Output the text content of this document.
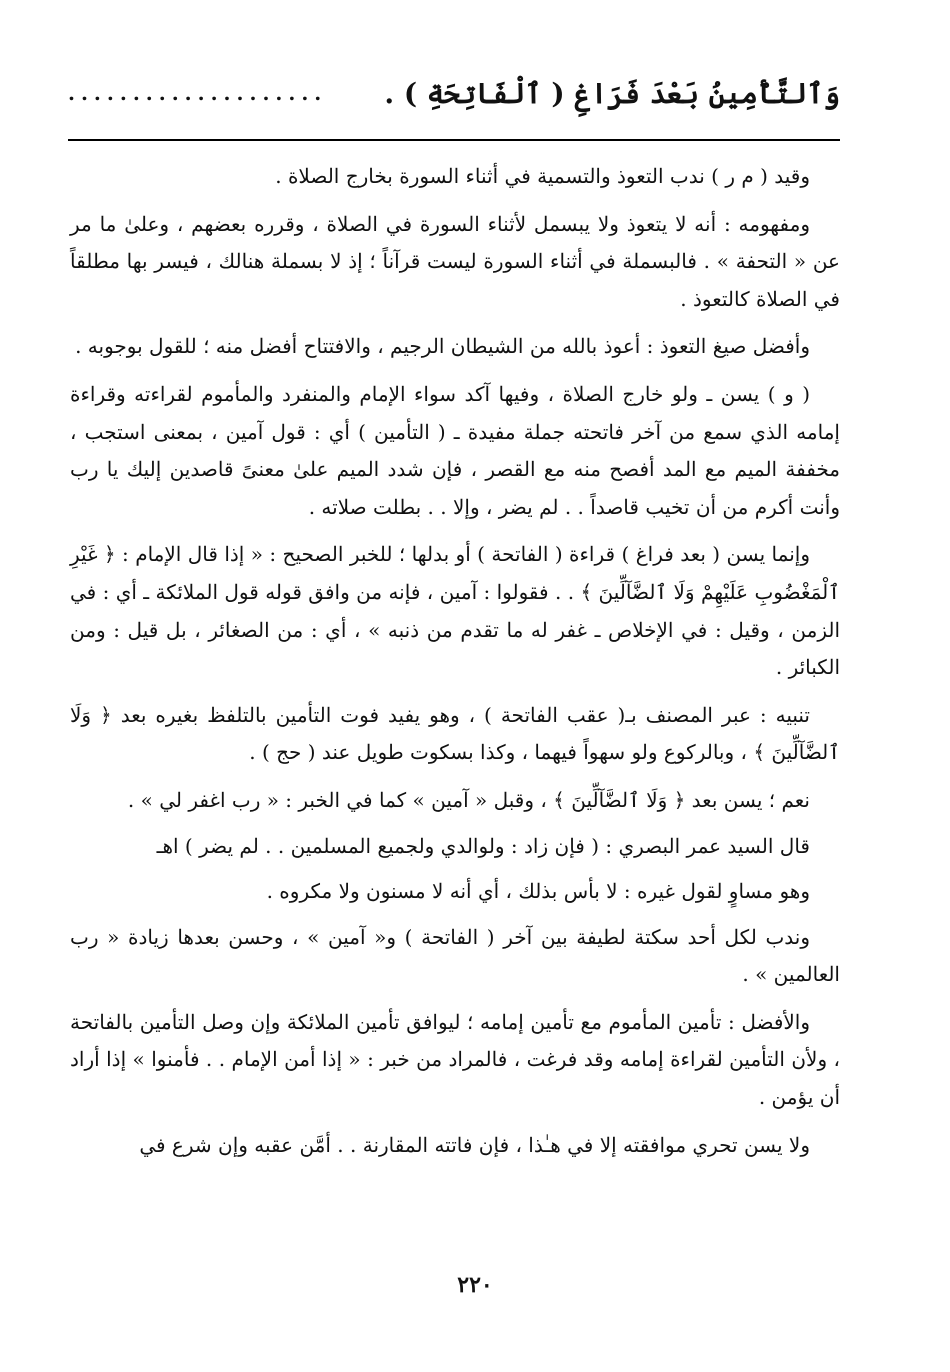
وَٱلتَّأْمِينُ بَعْدَ فَرَاغِ ( ٱلْفَاتِحَةِ ) .
....................

وقيد ( م ر ) ندب التعوذ والتسمية في أثناء السورة بخارج الصلاة .

ومفهومه : أنه لا يتعوذ ولا يبسمل لأثناء السورة في الصلاة ، وقرره بعضهم ، وعلىٰ ما مر عن « التحفة » . فالبسملة في أثناء السورة ليست قرآناً ؛ إذ لا بسملة هنالك ، فيسر بها مطلقاً في الصلاة كالتعوذ .

وأفضل صيغ التعوذ : أعوذ بالله من الشيطان الرجيم ، والافتتاح أفضل منه ؛ للقول بوجوبه .

( و ) يسن ـ ولو خارج الصلاة ، وفيها آكد سواء الإمام والمنفرد والمأموم لقراءته وقراءة إمامه الذي سمع من آخر فاتحته جملة مفيدة ـ ( التأمين ) أي : قول آمين ، بمعنى استجب ، مخففة الميم مع المد أفصح منه مع القصر ، فإن شدد الميم علىٰ معنىً قاصدين إليك يا رب وأنت أكرم من أن تخيب قاصداً . . لم يضر ، وإلا . . بطلت صلاته .

وإنما يسن ( بعد فراغ ) قراءة ( الفاتحة ) أو بدلها ؛ للخبر الصحيح : « إذا قال الإمام : ﴿ غَيْرِ ٱلْمَغْضُوبِ عَلَيْهِمْ وَلَا ٱلضَّآلِّينَ ﴾ . . فقولوا : آمين ، فإنه من وافق قوله قول الملائكة ـ أي : في الزمن ، وقيل : في الإخلاص ـ غفر له ما تقدم من ذنبه » ، أي : من الصغائر ، بل قيل : ومن الكبائر .

تنبيه : عبر المصنف بـ( عقب الفاتحة ) ، وهو يفيد فوت التأمين بالتلفظ بغيره بعد ﴿ وَلَا ٱلضَّآلِّينَ ﴾ ، وبالركوع ولو سهواً فيهما ، وكذا بسكوت طويل عند ( حج ) .

نعم ؛ يسن بعد ﴿ وَلَا ٱلضَّآلِّينَ ﴾ ، وقبل « آمين » كما في الخبر : « رب اغفر لي » .

قال السيد عمر البصري : ( فإن زاد : ولوالدي ولجميع المسلمين . . لم يضر ) اهـ

وهو مساوٍ لقول غيره : لا بأس بذلك ، أي أنه لا مسنون ولا مكروه .

وندب لكل أحد سكتة لطيفة بين آخر ( الفاتحة ) و« آمين » ، وحسن بعدها زيادة « رب العالمين » .

والأفضل : تأمين المأموم مع تأمين إمامه ؛ ليوافق تأمين الملائكة وإن وصل التأمين بالفاتحة ، ولأن التأمين لقراءة إمامه وقد فرغت ، فالمراد من خبر : « إذا أمن الإمام . . فأمنوا » إذا أراد أن يؤمن .

ولا يسن تحري موافقته إلا في هـٰذا ، فإن فاتته المقارنة . . أمَّن عقبه وإن شرع في

٢٢٠
